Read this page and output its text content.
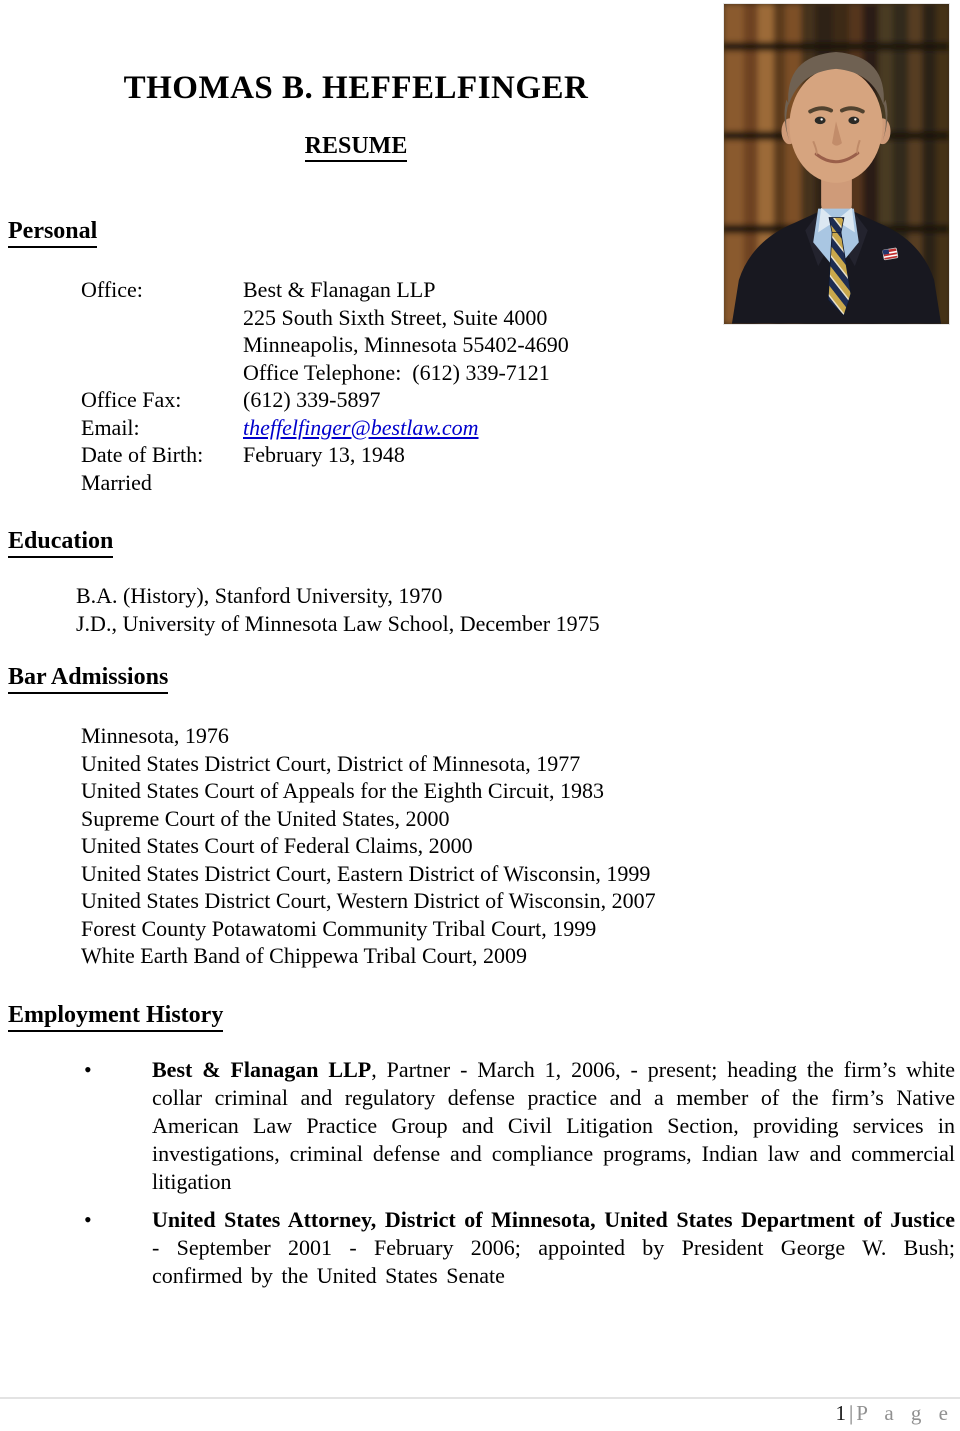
THOMAS B. HEFFELFINGER
RESUME
Personal
Office:	Best & Flanagan LLP
225 South Sixth Street, Suite 4000
Minneapolis, Minnesota 55402-4690
Office Telephone:  (612) 339-7121
Office Fax:	(612) 339-5897
Email:	theffelfinger@bestlaw.com
Date of Birth: February 13, 1948
Married
Education
B.A. (History), Stanford University, 1970
J.D., University of Minnesota Law School, December 1975
Bar Admissions
Minnesota, 1976
United States District Court, District of Minnesota, 1977
United States Court of Appeals for the Eighth Circuit, 1983
Supreme Court of the United States, 2000
United States Court of Federal Claims, 2000
United States District Court, Eastern District of Wisconsin, 1999
United States District Court, Western District of Wisconsin, 2007
Forest County Potawatomi Community Tribal Court, 1999
White Earth Band of Chippewa Tribal Court, 2009
Employment History
•	Best & Flanagan LLP, Partner - March 1, 2006, - present; heading the firm’s white collar criminal and regulatory defense practice and a member of the firm’s Native American Law Practice Group and Civil Litigation Section, providing services in investigations, criminal defense and compliance programs, Indian law and commercial litigation
•	United States Attorney, District of Minnesota, United States Department of Justice - September 2001 - February 2006; appointed by President George W. Bush; confirmed by the United States Senate
1 | P a g e
